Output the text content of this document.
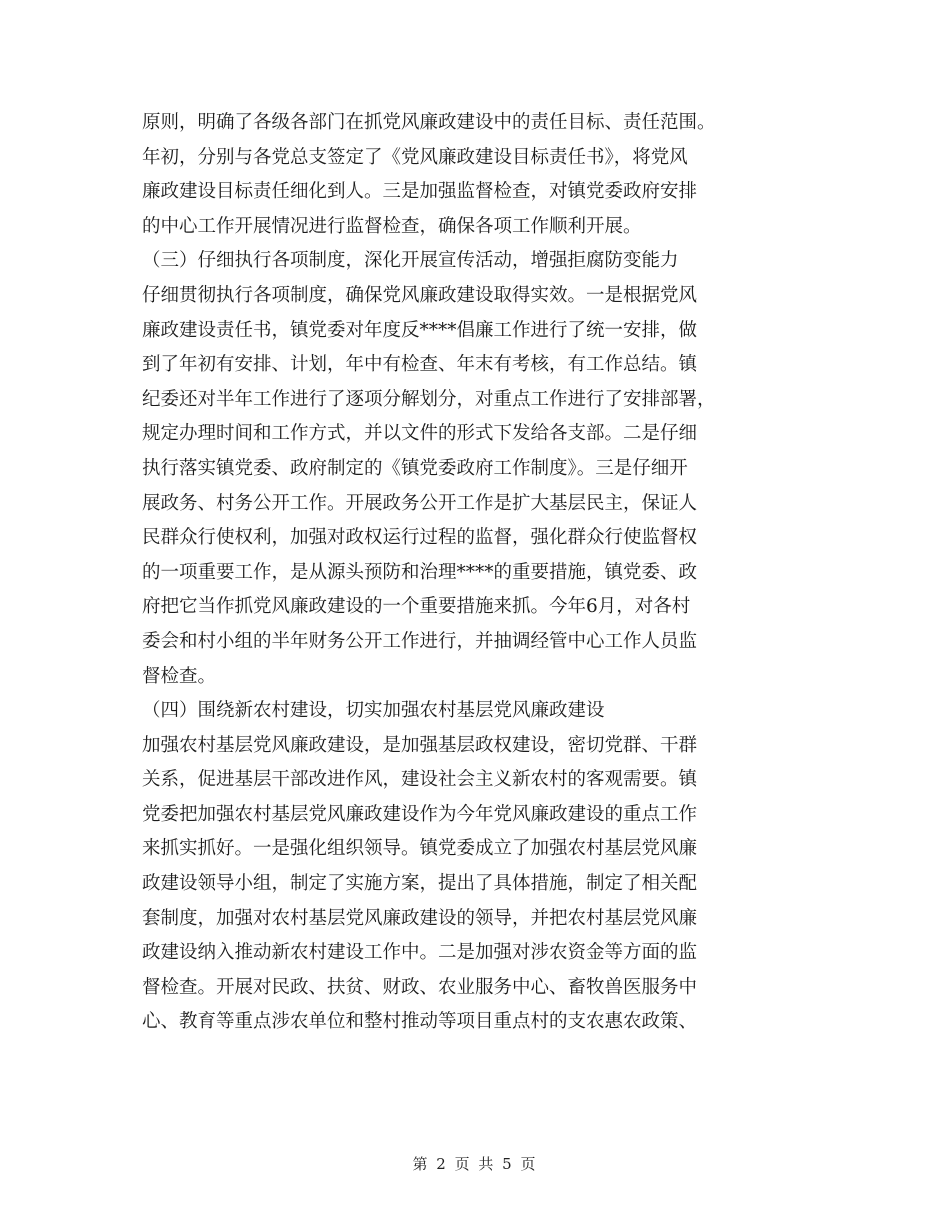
原则，明确了各级各部门在抓党风廉政建设中的责任目标、责任范围。
年初，分别与各党总支签定了《党风廉政建设目标责任书》，将党风
廉政建设目标责任细化到人。三是加强监督检查，对镇党委政府安排
的中心工作开展情况进行监督检查，确保各项工作顺利开展。
（三）仔细执行各项制度，深化开展宣传活动，增强拒腐防变能力
仔细贯彻执行各项制度，确保党风廉政建设取得实效。一是根据党风
廉政建设责任书，镇党委对年度反****倡廉工作进行了统一安排，做
到了年初有安排、计划，年中有检查、年末有考核，有工作总结。镇
纪委还对半年工作进行了逐项分解划分，对重点工作进行了安排部署，
规定办理时间和工作方式，并以文件的形式下发给各支部。二是仔细
执行落实镇党委、政府制定的《镇党委政府工作制度》。三是仔细开
展政务、村务公开工作。开展政务公开工作是扩大基层民主，保证人
民群众行使权利，加强对政权运行过程的监督，强化群众行使监督权
的一项重要工作，是从源头预防和治理****的重要措施，镇党委、政
府把它当作抓党风廉政建设的一个重要措施来抓。今年6月，对各村
委会和村小组的半年财务公开工作进行，并抽调经管中心工作人员监
督检查。
（四）围绕新农村建设，切实加强农村基层党风廉政建设
加强农村基层党风廉政建设，是加强基层政权建设，密切党群、干群
关系，促进基层干部改进作风，建设社会主义新农村的客观需要。镇
党委把加强农村基层党风廉政建设作为今年党风廉政建设的重点工作
来抓实抓好。一是强化组织领导。镇党委成立了加强农村基层党风廉
政建设领导小组，制定了实施方案，提出了具体措施，制定了相关配
套制度，加强对农村基层党风廉政建设的领导，并把农村基层党风廉
政建设纳入推动新农村建设工作中。二是加强对涉农资金等方面的监
督检查。开展对民政、扶贫、财政、农业服务中心、畜牧兽医服务中
心、教育等重点涉农单位和整村推动等项目重点村的支农惠农政策、
第 2 页 共 5 页
